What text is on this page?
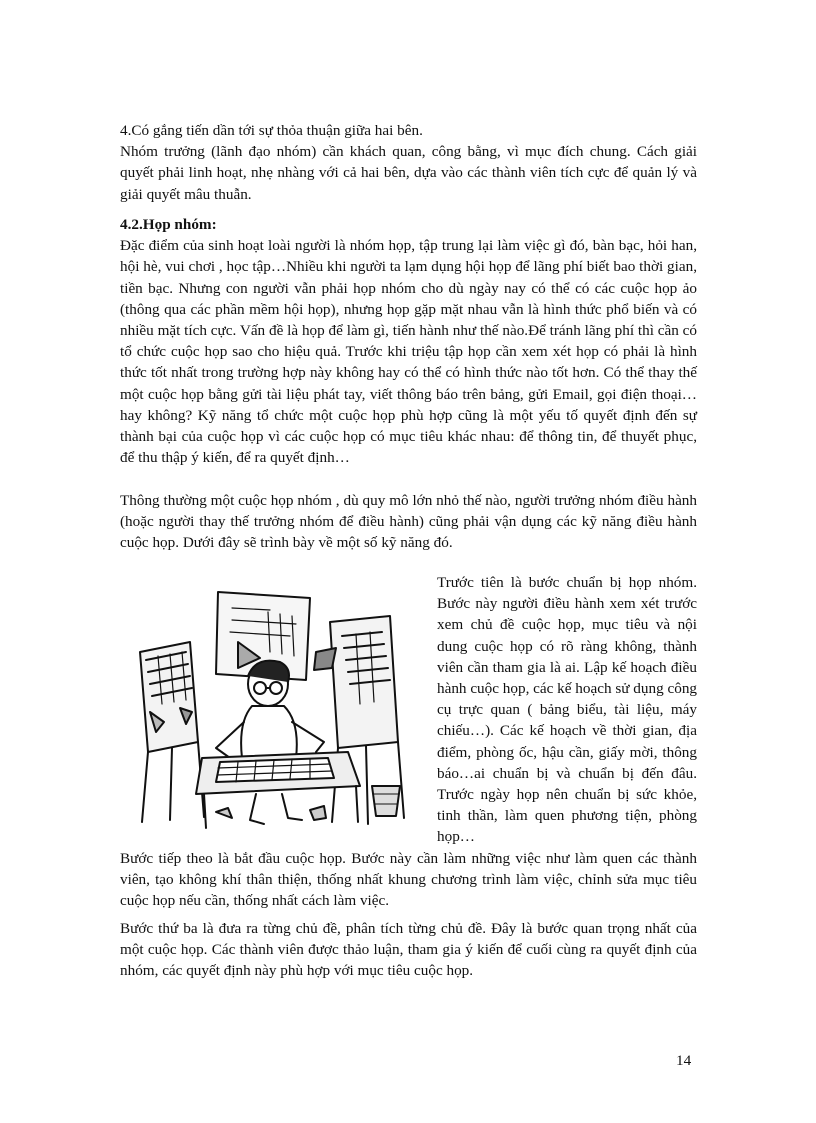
4.Có gắng tiến dần tới sự thỏa thuận giữa hai bên.

Nhóm trưởng (lãnh đạo nhóm) cần khách quan, công bằng, vì mục đích chung. Cách giải quyết phải linh hoạt, nhẹ nhàng với cả hai bên, dựa vào các thành viên tích cực để quản lý và giải quyết mâu thuẫn.

4.2.Họp nhóm:

Đặc điểm của sinh hoạt loài người là nhóm họp, tập trung lại làm việc gì đó, bàn bạc, hỏi han, hội hè, vui chơi , học tập…Nhiều khi người ta lạm dụng hội họp để lãng phí biết bao thời gian, tiền bạc. Nhưng con người vẫn phải họp nhóm cho dù ngày nay có thể có các cuộc họp ảo (thông qua các phần mềm hội họp), nhưng họp gặp mặt nhau vẫn là hình thức phổ biến và có nhiều mặt tích cực. Vấn đề là họp để làm gì, tiến hành như thế nào.Để tránh lãng phí thì cần có tổ chức cuộc họp sao cho hiệu quả. Trước khi triệu tập họp cần xem xét họp có phải là hình thức tốt nhất trong trường hợp này không hay có thể có hình thức nào tốt hơn. Có thể thay thế một cuộc họp bằng gửi tài liệu phát tay, viết thông báo trên bảng, gửi Email, gọi điện thoại…hay không? Kỹ năng tổ chức một cuộc họp phù hợp cũng là một yếu tố quyết định đến sự thành bại của cuộc họp vì các cuộc họp có mục tiêu khác nhau: để thông tin, để thuyết phục, để thu thập ý kiến, để ra quyết định…

Thông thường một cuộc họp nhóm , dù quy mô lớn nhỏ thế nào, người trưởng nhóm điều hành (hoặc người thay thế trưởng nhóm để điều hành) cũng phải vận dụng các kỹ năng điều hành cuộc họp. Dưới đây sẽ trình bày về một số kỹ năng đó.

Trước tiên là bước chuẩn bị họp nhóm. Bước này người điều hành xem xét trước xem chủ đề cuộc họp, mục tiêu và nội dung cuộc họp có rõ ràng không, thành viên cần tham gia là ai. Lập kế hoạch điều hành cuộc họp, các kế hoạch sử dụng công cụ trực quan ( bảng biểu, tài liệu, máy chiếu…). Các kế hoạch về thời gian, địa điểm, phòng ốc, hậu cần, giấy mời, thông báo…ai chuẩn bị và chuẩn bị đến đâu. Trước ngày họp nên chuẩn bị sức khỏe, tinh thần, làm quen phương tiện, phòng họp…

Bước tiếp theo là bắt đầu cuộc họp. Bước này cần làm những việc như làm quen các thành viên, tạo không khí thân thiện, thống nhất khung chương trình làm việc, chỉnh sửa mục tiêu cuộc họp nếu cần, thống nhất cách làm việc.

Bước thứ ba là đưa ra từng chủ đề, phân tích từng chủ đề. Đây là bước quan trọng nhất của một cuộc họp. Các thành viên được thảo luận, tham gia ý kiến để cuối cùng ra quyết định của nhóm, các quyết định này phù hợp với mục tiêu cuộc họp.

14
